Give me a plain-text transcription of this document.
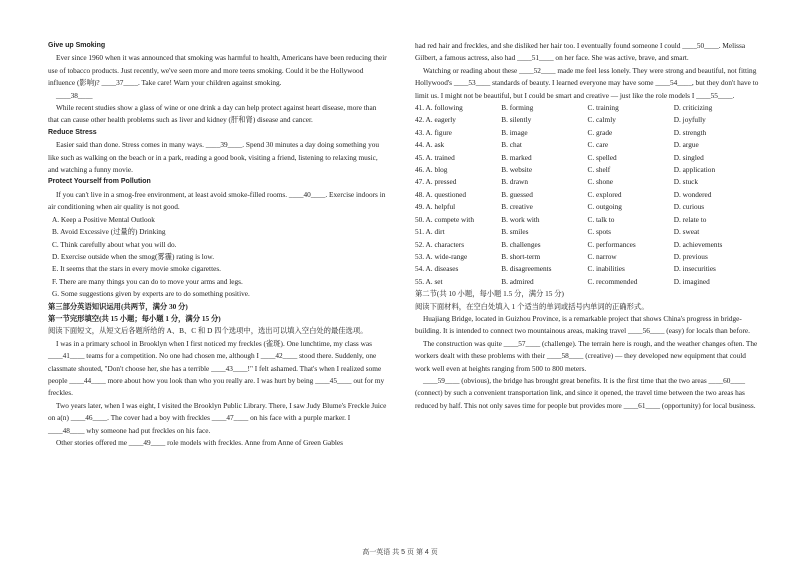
Give up Smoking

Ever since 1960 when it was announced that smoking was harmful to health, Americans have been reducing their use of tobacco products. Just recently, we've seen more and more teens smoking. Could it be the Hollywood influence (影响)? ____37____. Take care! Warn your children against smoking.

____38____

While recent studies show a glass of wine or one drink a day can help protect against heart disease, more than that can cause other health problems such as liver and kidney (肝和肾) disease and cancer.

Reduce Stress

Easier said than done. Stress comes in many ways. ____39____. Spend 30 minutes a day doing something you like such as walking on the beach or in a park, reading a good book, visiting a friend, listening to relaxing music, and watching a funny movie.

Protect Yourself from Pollution

If you can't live in a smog-free environment, at least avoid smoke-filled rooms. ____40____. Exercise indoors in air conditioning when air quality is not good.

A. Keep a Positive Mental Outlook
B. Avoid Excessive (过量的) Drinking
C. Think carefully about what you will do.
D. Exercise outside when the smog(雾霾) rating is low.
E. It seems that the stars in every movie smoke cigarettes.
F. There are many things you can do to move your arms and legs.
G. Some suggestions given by experts are to do something positive.
第三部分英语知识运用(共两节，满分 30 分)
第一节完形填空(共 15 小题；每小题 1 分，满分 15 分)

阅读下面短文，从短文后各题所给的 A、B、C 和 D 四个选项中，选出可以填入空白处的最佳选项。

I was in a primary school in Brooklyn when I first noticed my freckles (雀斑). One lunchtime, my class was ____41____ teams for a competition. No one had chosen me, although I ____42____ stood there. Suddenly, one classmate shouted, "Don't choose her, she has a terrible ____43____!" I felt ashamed. That's when I realized some people ____44____ more about how you look than who you really are. I was hurt by being ____45____ out for my freckles.

Two years later, when I was eight, I visited the Brooklyn Public Library. There, I saw Judy Blume's Freckle Juice on a(n) ____46____. The cover had a boy with freckles ____47____ on his face with a purple marker. I ____48____ why someone had put freckles on his face.

Other stories offered me ____49____ role models with freckles. Anne from Anne of Green Gables

had red hair and freckles, and she disliked her hair too. I eventually found someone I could ____50____. Melissa Gilbert, a famous actress, also had ____51____ on her face. She was active, brave, and smart.

Watching or reading about these ____52____ made me feel less lonely. They were strong and beautiful, not fitting Hollywood's ____53____ standards of beauty. I learned everyone may have some ____54____, but they don't have to limit us. I might not be beautiful, but I could be smart and creative — just like the role models I ____55____.

41. A. following	B. forming	C. training	D. criticizing
42. A. eagerly	B. silently	C. calmly	D. joyfully
43. A. figure	B. image	C. grade	D. strength
44. A. ask	B. chat	C. care	D. argue
45. A. trained	B. marked	C. spelled	D. singled
46. A. blog	B. website	C. shelf	D. application
47. A. pressed	B. drawn	C. shone	D. stuck
48. A. questioned	B. guessed	C. explored	D. wondered
49. A. helpful	B. creative	C. outgoing	D. curious
50. A. compete with	B. work with	C. talk to	D. relate to
51. A. dirt	B. smiles	C. spots	D. sweat
52. A. characters	B. challenges	C. performances	D. achievements
53. A. wide-range	B. short-term	C. narrow	D. previous
54. A. diseases	B. disagreements	C. inabilities	D. insecurities
55. A. set	B. admired	C. recommended	D. imagined
第二节(共 10 小题，每小题 1.5 分，满分 15 分)

阅读下面材料，在空白处填入 1 个适当的单词或括号内单词的正确形式。

Huajiang Bridge, located in Guizhou Province, is a remarkable project that shows China's progress in bridge-building. It is intended to connect two mountainous areas, making travel ____56____ (easy) for locals than before.

The construction was quite ____57____ (challenge). The terrain here is rough, and the weather changes often. The workers dealt with these problems with their ____58____ (creative) — they developed new equipment that could work well even at heights ranging from 500 to 800 meters.

____59____ (obvious), the bridge has brought great benefits. It is the first time that the two areas ____60____ (connect) by such a convenient transportation link, and since it opened, the travel time between the two areas has reduced by half. This not only saves time for people but provides more ____61____ (opportunity) for local business.

高一英语 共 5 页 第 4 页
